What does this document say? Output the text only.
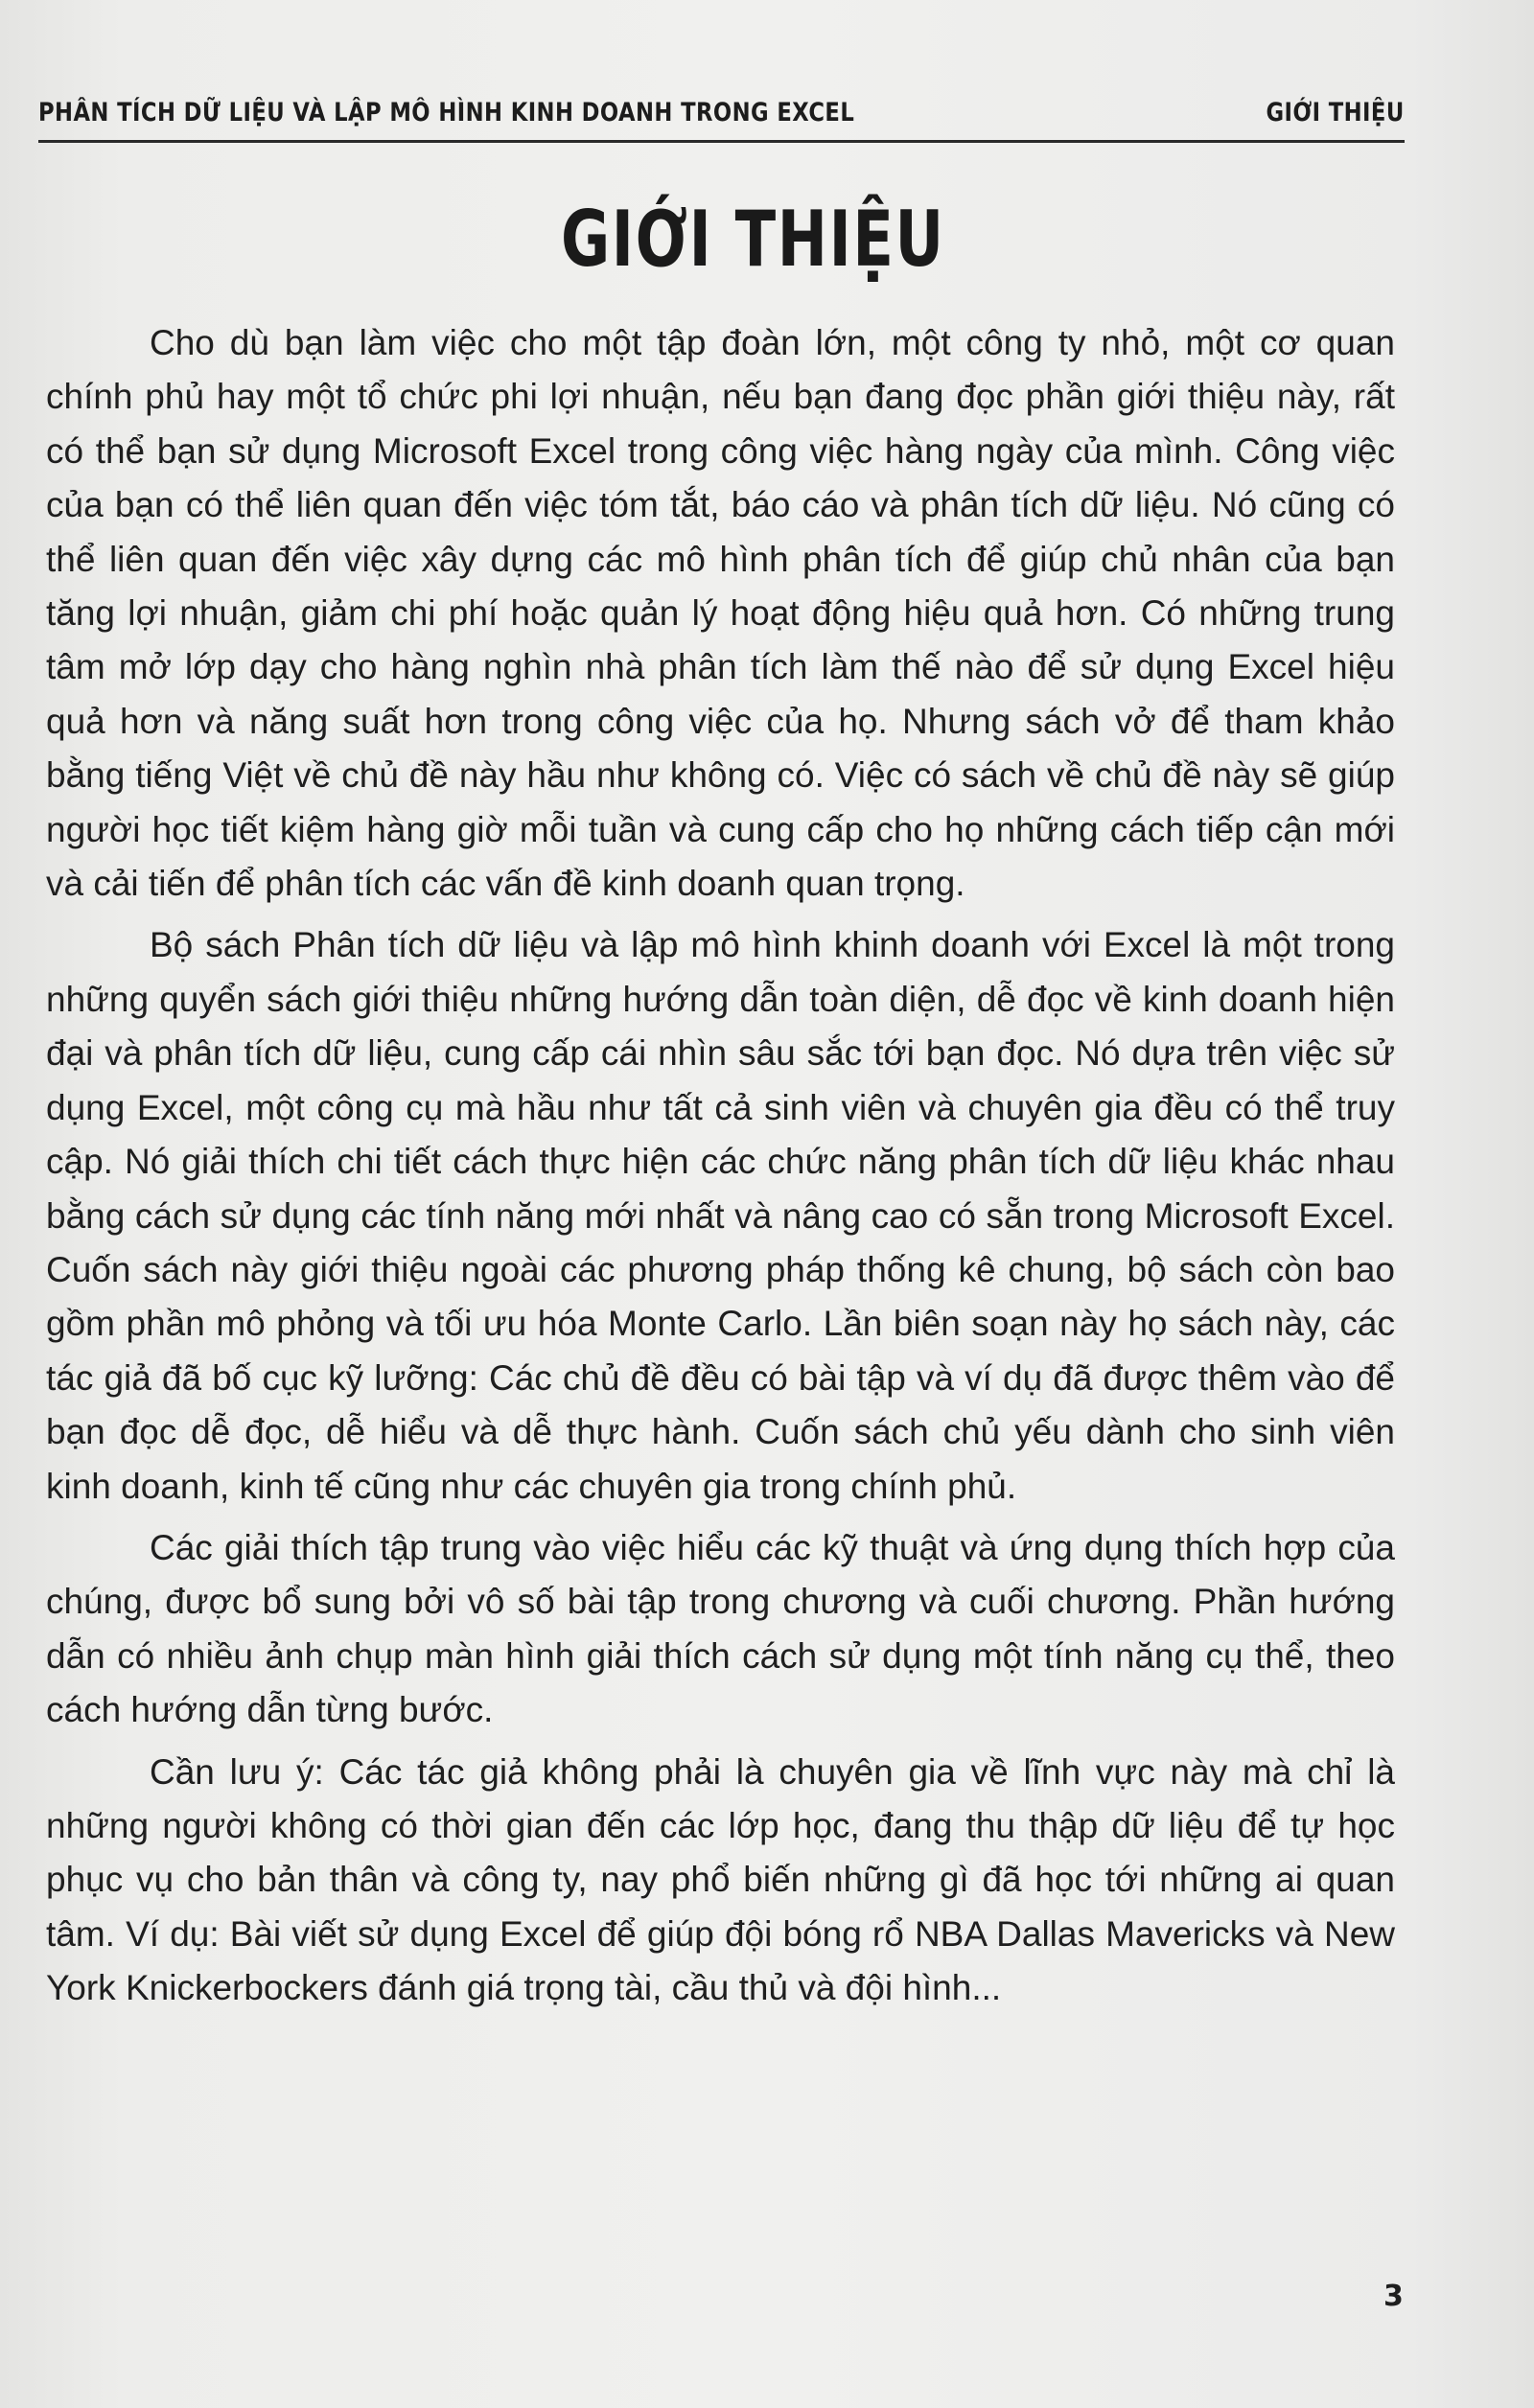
PHÂN TÍCH DỮ LIỆU VÀ LẬP MÔ HÌNH KINH DOANH TRONG EXCEL	GIỚI THIỆU
GIỚI THIỆU

Cho dù bạn làm việc cho một tập đoàn lớn, một công ty nhỏ, một cơ quan chính phủ hay một tổ chức phi lợi nhuận, nếu bạn đang đọc phần giới thiệu này, rất có thể bạn sử dụng Microsoft Excel trong công việc hàng ngày của mình. Công việc của bạn có thể liên quan đến việc tóm tắt, báo cáo và phân tích dữ liệu. Nó cũng có thể liên quan đến việc xây dựng các mô hình phân tích để giúp chủ nhân của bạn tăng lợi nhuận, giảm chi phí hoặc quản lý hoạt động hiệu quả hơn. Có những trung tâm mở lớp dạy cho hàng nghìn nhà phân tích làm thế nào để sử dụng Excel hiệu quả hơn và năng suất hơn trong công việc của họ. Nhưng sách vở để tham khảo bằng tiếng Việt về chủ đề này hầu như không có. Việc có sách về chủ đề này sẽ giúp người học tiết kiệm hàng giờ mỗi tuần và cung cấp cho họ những cách tiếp cận mới và cải tiến để phân tích các vấn đề kinh doanh quan trọng.

Bộ sách Phân tích dữ liệu và lập mô hình khinh doanh với Excel là một trong những quyển sách giới thiệu những hướng dẫn toàn diện, dễ đọc về kinh doanh hiện đại và phân tích dữ liệu, cung cấp cái nhìn sâu sắc tới bạn đọc. Nó dựa trên việc sử dụng Excel, một công cụ mà hầu như tất cả sinh viên và chuyên gia đều có thể truy cập. Nó giải thích chi tiết cách thực hiện các chức năng phân tích dữ liệu khác nhau bằng cách sử dụng các tính năng mới nhất và nâng cao có sẵn trong Microsoft Excel. Cuốn sách này giới thiệu ngoài các phương pháp thống kê chung, bộ sách còn bao gồm phần mô phỏng và tối ưu hóa Monte Carlo. Lần biên soạn này họ sách này, các tác giả đã bố cục kỹ lưỡng: Các chủ đề đều có bài tập và ví dụ đã được thêm vào để bạn đọc dễ đọc, dễ hiểu và dễ thực hành. Cuốn sách chủ yếu dành cho sinh viên kinh doanh, kinh tế cũng như các chuyên gia trong chính phủ.

Các giải thích tập trung vào việc hiểu các kỹ thuật và ứng dụng thích hợp của chúng, được bổ sung bởi vô số bài tập trong chương và cuối chương. Phần hướng dẫn có nhiều ảnh chụp màn hình giải thích cách sử dụng một tính năng cụ thể, theo cách hướng dẫn từng bước.

Cần lưu ý: Các tác giả không phải là chuyên gia về lĩnh vực này mà chỉ là những người không có thời gian đến các lớp học, đang thu thập dữ liệu để tự học phục vụ cho bản thân và công ty, nay phổ biến những gì đã học tới những ai quan tâm. Ví dụ: Bài viết sử dụng Excel để giúp đội bóng rổ NBA Dallas Mavericks và New York Knickerbockers đánh giá trọng tài, cầu thủ và đội hình...

3
